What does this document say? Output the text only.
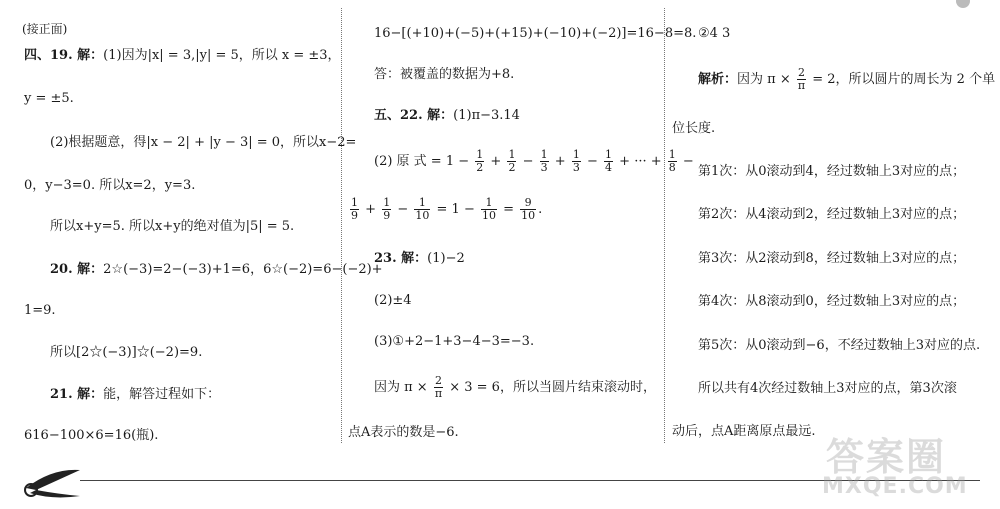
(接正面)
四、19. 解：(1)因为|x| = 3,|y| = 5，所以 x = ±3，
y = ±5.
(2)根据题意，得|x − 2| + |y − 3| = 0，所以x−2=
0，y−3=0. 所以x=2，y=3.
所以x+y=5. 所以x+y的绝对值为|5| = 5.
20. 解：2☆(−3)=2−(−3)+1=6，6☆(−2)=6−(−2)+
1=9.
所以[2☆(−3)]☆(−2)=9.
21. 解：能，解答过程如下：
616−100×6=16(瓶).
16−[(+10)+(−5)+(+15)+(−10)+(−2)]=16−8=8.
答：被覆盖的数据为+8.
五、22. 解：(1)π−3.14
(2) 原 式 = $1 - \frac{1}{2} + \frac{1}{2} - \frac{1}{3} + \frac{1}{3} - \frac{1}{4}$ + ··· + $\frac{1}{8}$ −
$\frac{1}{9} + \frac{1}{9} - \frac{1}{10} = 1 - \frac{1}{10} = \frac{9}{10}$ .
23. 解：(1)−2
(2)±4
(3)①+2−1+3−4−3=−3.
因为 $\pi \times \frac{2}{\pi} \times 3 = 6$，所以当圆片结束滚动时，
点A表示的数是−6.
②4 3
解析：因为 $\pi \times \frac{2}{\pi} = 2$，所以圆片的周长为 2 个单
位长度.
第1次：从0滚动到4，经过数轴上3对应的点；
第2次：从4滚动到2，经过数轴上3对应的点；
第3次：从2滚动到8，经过数轴上3对应的点；
第4次：从8滚动到0，经过数轴上3对应的点；
第5次：从0滚动到−6，不经过数轴上3对应的点.
所以共有4次经过数轴上3对应的点，第3次滚
动后，点A距离原点最远.
答案圈
MXQE.COM
